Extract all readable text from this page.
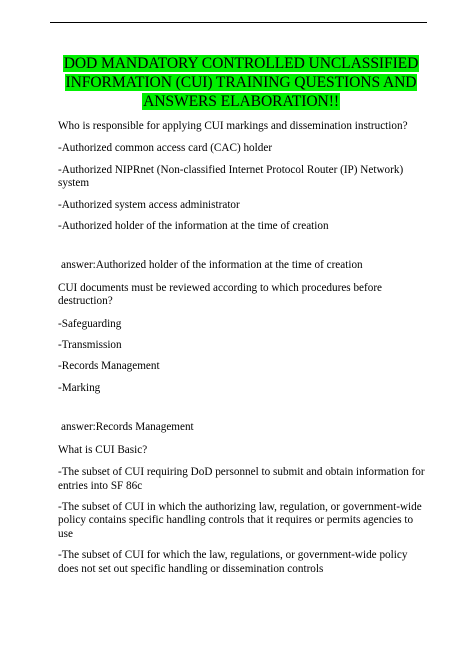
DOD MANDATORY CONTROLLED UNCLASSIFIED INFORMATION (CUI) TRAINING QUESTIONS AND ANSWERS ELABORATION!!

Who is responsible for applying CUI markings and dissemination instruction?

-Authorized common access card (CAC) holder

-Authorized NIPRnet (Non-classified Internet Protocol Router (IP) Network) system

-Authorized system access administrator

-Authorized holder of the information at the time of creation

answer:Authorized holder of the information at the time of creation

CUI documents must be reviewed according to which procedures before destruction?

-Safeguarding

-Transmission

-Records Management

-Marking

answer:Records Management

What is CUI Basic?

-The subset of CUI requiring DoD personnel to submit and obtain information for entries into SF 86c

-The subset of CUI in which the authorizing law, regulation, or government-wide policy contains specific handling controls that it requires or permits agencies to use

-The subset of CUI for which the law, regulations, or government-wide policy does not set out specific handling or dissemination controls
